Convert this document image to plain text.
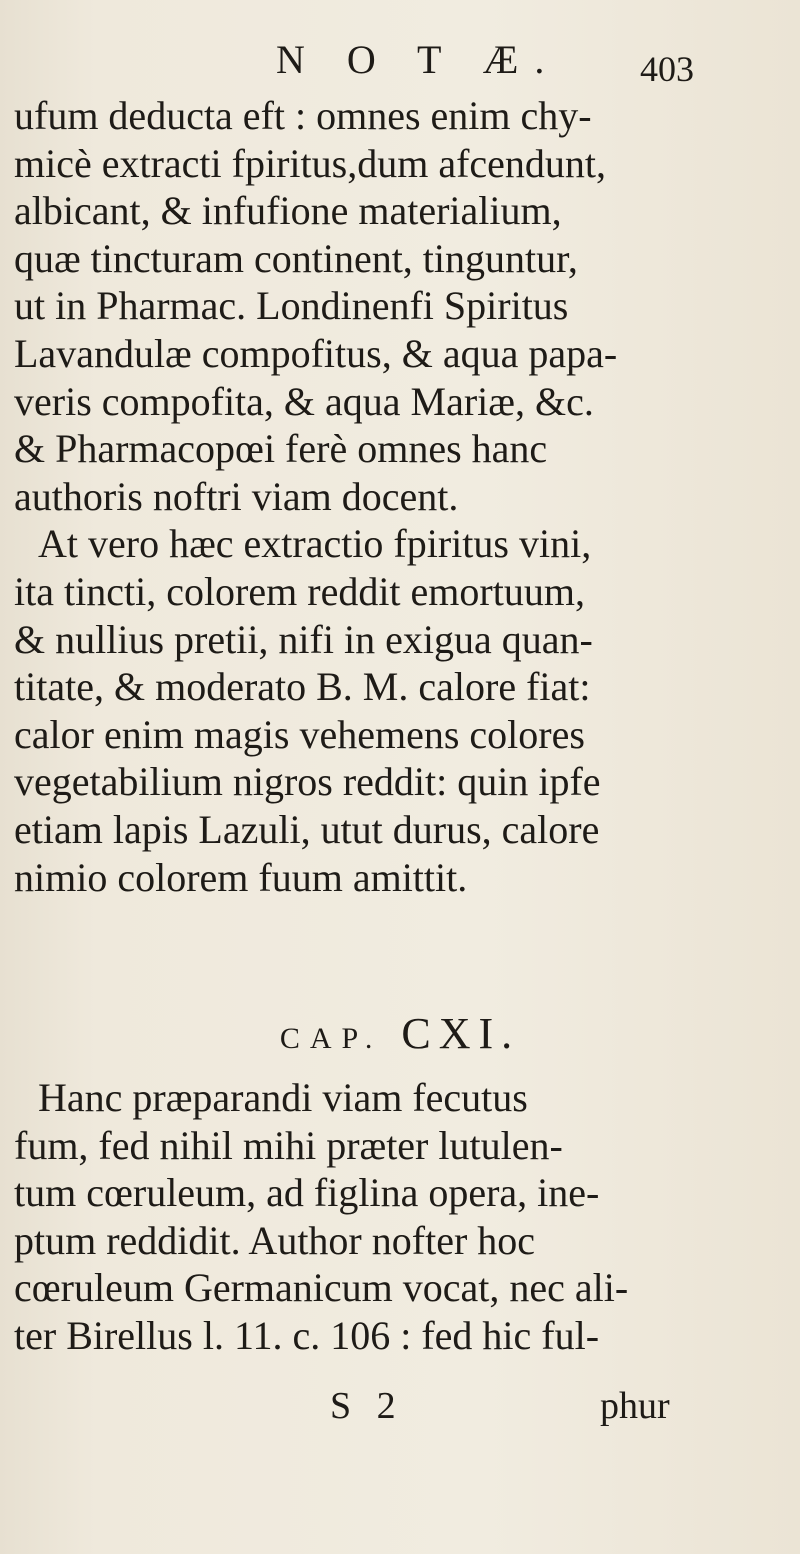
N O T Æ. 403
ufum deducta eft : omnes enim chy-
micè extracti fpiritus,dum afcendunt,
albicant, & infufione materialium,
quæ tincturam continent, tinguntur,
ut in Pharmac. Londinenfi Spiritus
Lavandulæ compofitus, & aqua papa-
veris compofita, & aqua Mariæ, &c.
& Pharmacopœi ferè omnes hanc
authoris noftri viam docent.
At vero hæc extractio fpiritus vini,
ita tincti, colorem reddit emortuum,
& nullius pretii, nifi in exigua quan-
titate, & moderato B. M. calore fiat:
calor enim magis vehemens colores
vegetabilium nigros reddit: quin ipfe
etiam lapis Lazuli, utut durus, calore
nimio colorem fuum amittit.
CAP. CXI.
Hanc præparandi viam fecutus
fum, fed nihil mihi præter lutulen-
tum cœruleum, ad figlina opera, ine-
ptum reddidit. Author nofter hoc
cœruleum Germanicum vocat, nec ali-
ter Birellus l. 11. c. 106 : fed hic ful-
S 2	phur
